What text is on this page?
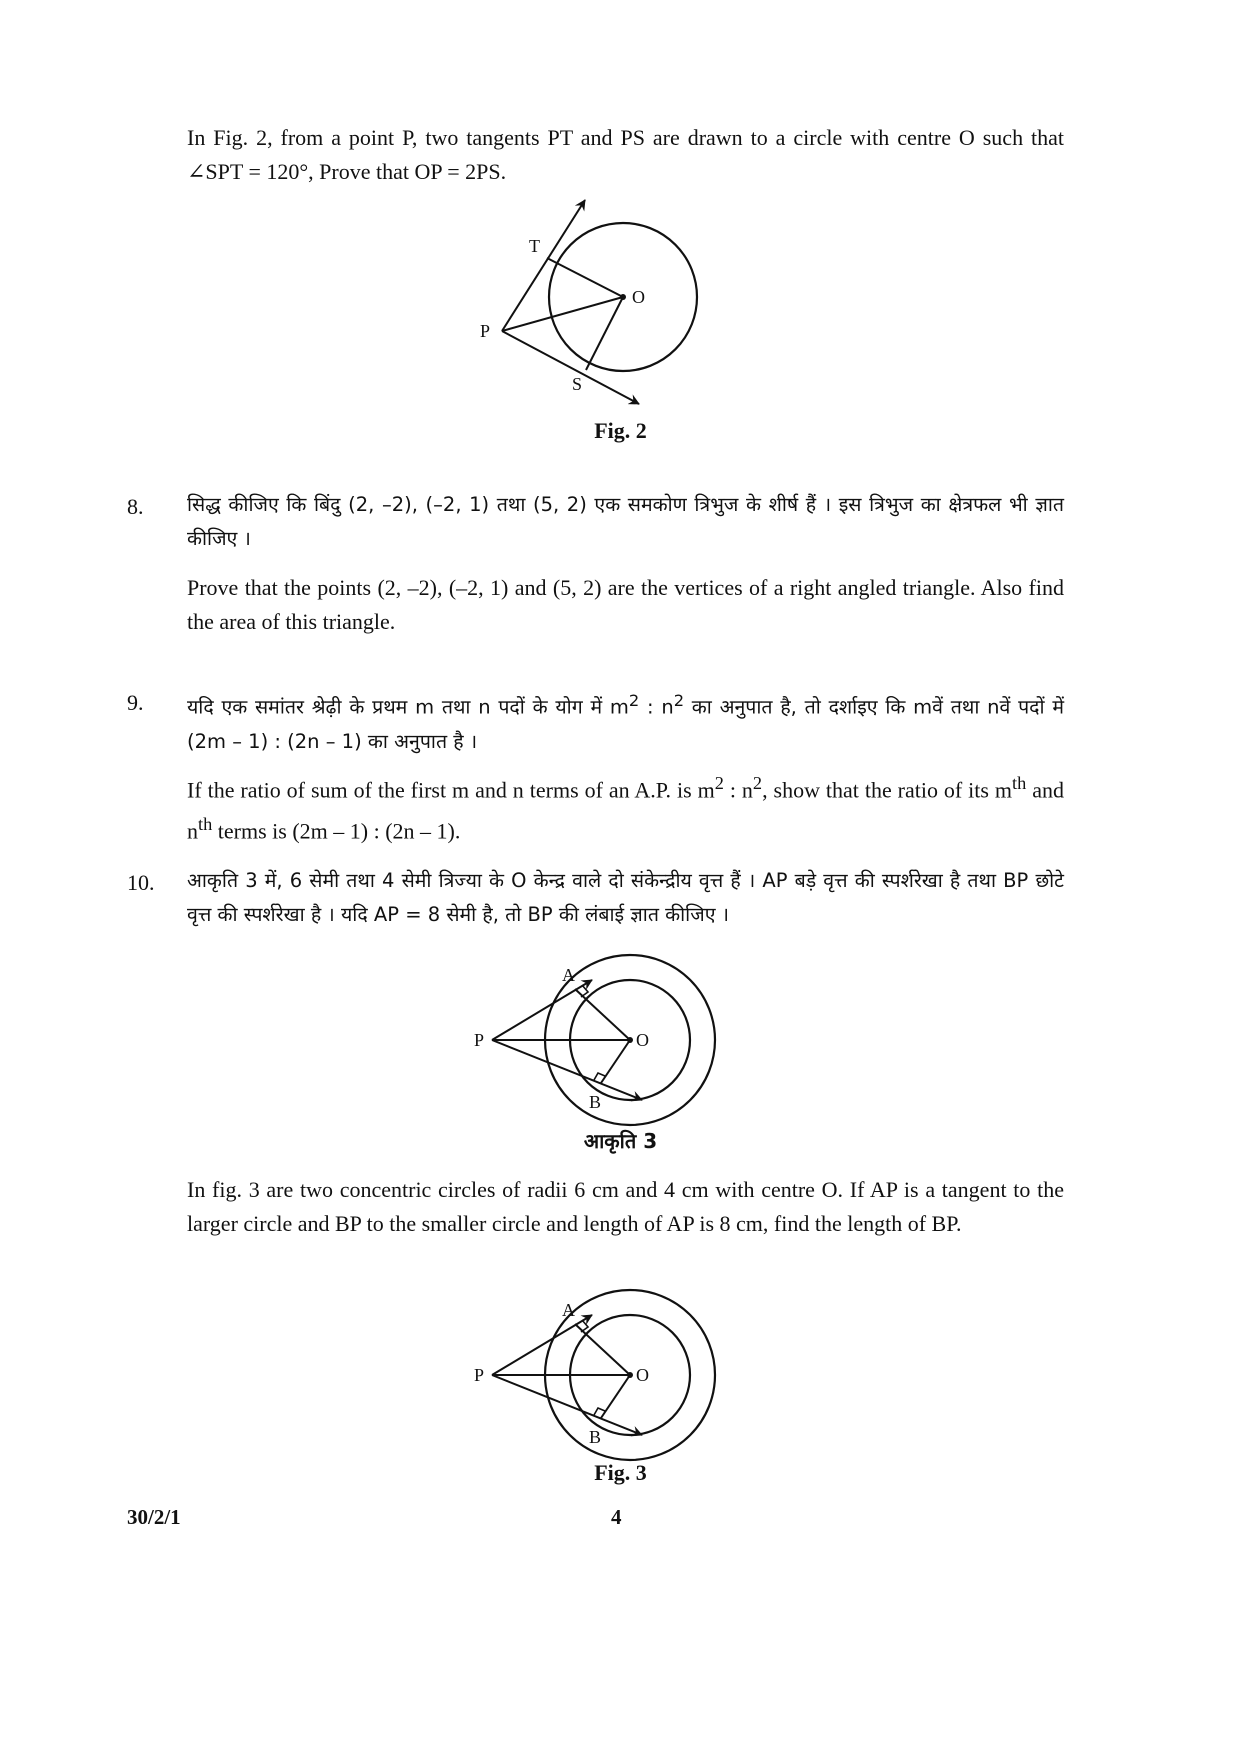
In Fig. 2, from a point P, two tangents PT and PS are drawn to a circle with centre O such that ∠SPT = 120°, Prove that OP = 2PS.

T
O
P
S
Fig. 2
8. सिद्ध कीजिए कि बिंदु (2, –2), (–2, 1) तथा (5, 2) एक समकोण त्रिभुज के शीर्ष हैं । इस त्रिभुज का क्षेत्रफल भी ज्ञात कीजिए ।

Prove that the points (2, –2), (–2, 1) and (5, 2) are the vertices of a right angled triangle. Also find the area of this triangle.

9. यदि एक समांतर श्रेढ़ी के प्रथम m तथा n पदों के योग में $m^2$ : $n^2$ का अनुपात है, तो दर्शाइए कि mवें तथा nवें पदों में (2m – 1) : (2n – 1) का अनुपात है ।

If the ratio of sum of the first m and n terms of an A.P. is $m^2$ : $n^2$, show that the ratio of its $m^{th}$ and $n^{th}$ terms is (2m – 1) : (2n – 1).

10. आकृति 3 में, 6 सेमी तथा 4 सेमी त्रिज्या के O केन्द्र वाले दो संकेन्द्रीय वृत्त हैं । AP बड़े वृत्त की स्पर्शरेखा है तथा BP छोटे वृत्त की स्पर्शरेखा है । यदि AP = 8 सेमी है, तो BP की लंबाई ज्ञात कीजिए ।

A
P	O
B
आकृति 3

In fig. 3 are two concentric circles of radii 6 cm and 4 cm with centre O. If AP is a tangent to the larger circle and BP to the smaller circle and length of AP is 8 cm, find the length of BP.

A
P	O
B
Fig. 3
30/2/1	4
